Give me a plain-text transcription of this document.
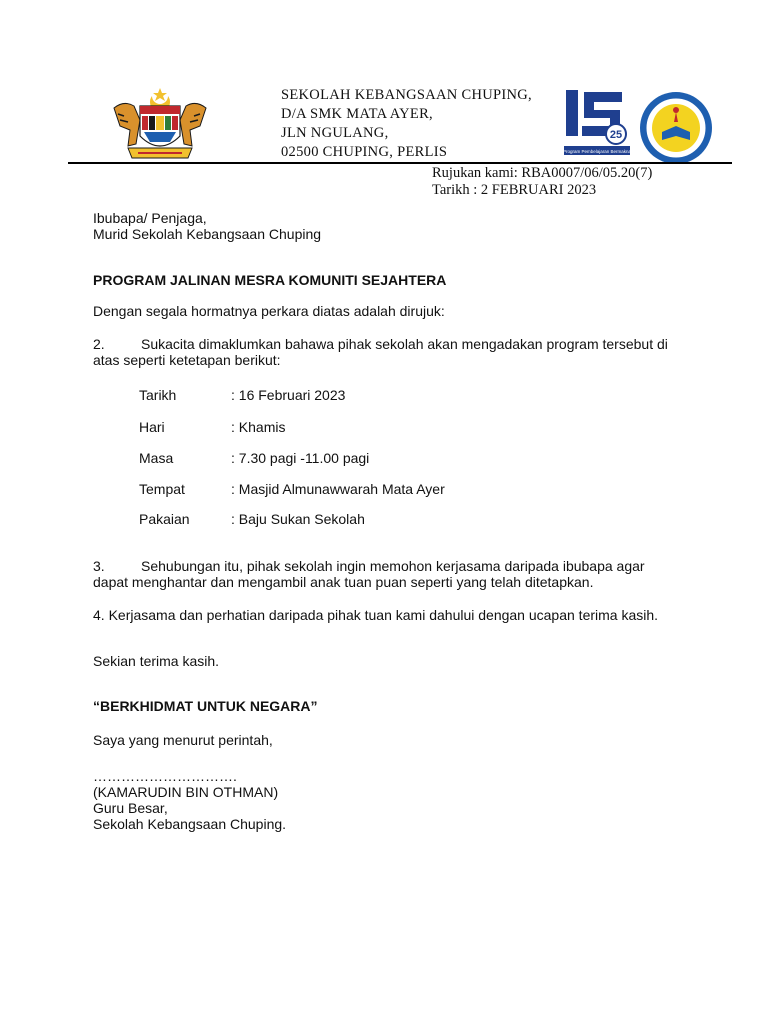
SEKOLAH KEBANGSAAN CHUPING,
D/A SMK MATA AYER,
JLN NGULANG,
02500 CHUPING, PERLIS
25
Program Pembelajaran Bermakna
Rujukan kami: RBA0007/06/05.20(7)
Tarikh : 2 FEBRUARI 2023
Ibubapa/ Penjaga,
Murid Sekolah Kebangsaan Chuping
PROGRAM JALINAN MESRA KOMUNITI SEJAHTERA
Dengan segala hormatnya perkara diatas adalah dirujuk:
2.	Sukacita dimaklumkan bahawa pihak sekolah akan mengadakan program tersebut di
atas seperti ketetapan berikut:
Tarikh	: 16 Februari 2023
Hari	: Khamis
Masa	: 7.30 pagi -11.00 pagi
Tempat	: Masjid Almunawwarah Mata Ayer
Pakaian	: Baju Sukan Sekolah
3.	Sehubungan itu, pihak sekolah ingin memohon kerjasama daripada ibubapa agar
dapat menghantar dan mengambil anak tuan puan seperti yang telah ditetapkan.
4. Kerjasama dan perhatian daripada pihak tuan kami dahului dengan ucapan terima kasih.
Sekian terima kasih.
“BERKHIDMAT UNTUK NEGARA”
Saya yang menurut perintah,
………………………….
(KAMARUDIN BIN OTHMAN)
Guru Besar,
Sekolah Kebangsaan Chuping.
